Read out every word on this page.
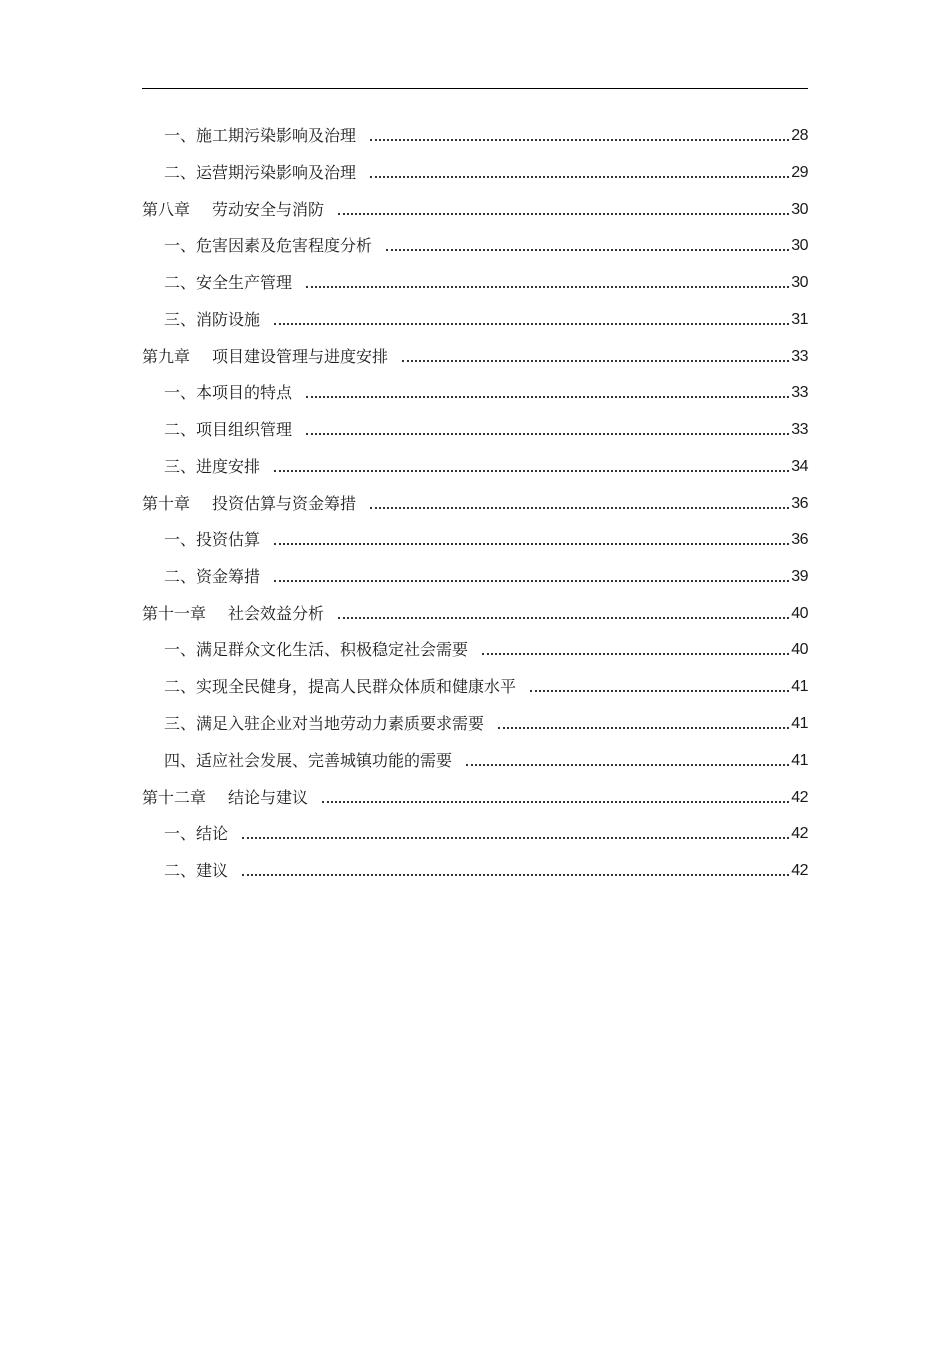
一、 施工期污染影响及治理	28
二、 运营期污染影响及治理	29
第八章 劳动安全与消防	30
一、 危害因素及危害程度分析	30
二、 安全生产管理	30
三、 消防设施	31
第九章 项目建设管理与进度安排	33
一、 本项目的特点	33
二、 项目组织管理	33
三、 进度安排	34
第十章 投资估算与资金筹措	36
一、 投资估算	36
二、 资金筹措	39
第十一章 社会效益分析	40
一、 满足群众文化生活、积极稳定社会需要	40
二、 实现全民健身，提高人民群众体质和健康水平	41
三、 满足入驻企业对当地劳动力素质要求需要	41
四、 适应社会发展、完善城镇功能的需要	41
第十二章 结论与建议	42
一、 结论	42
二、 建议	42
